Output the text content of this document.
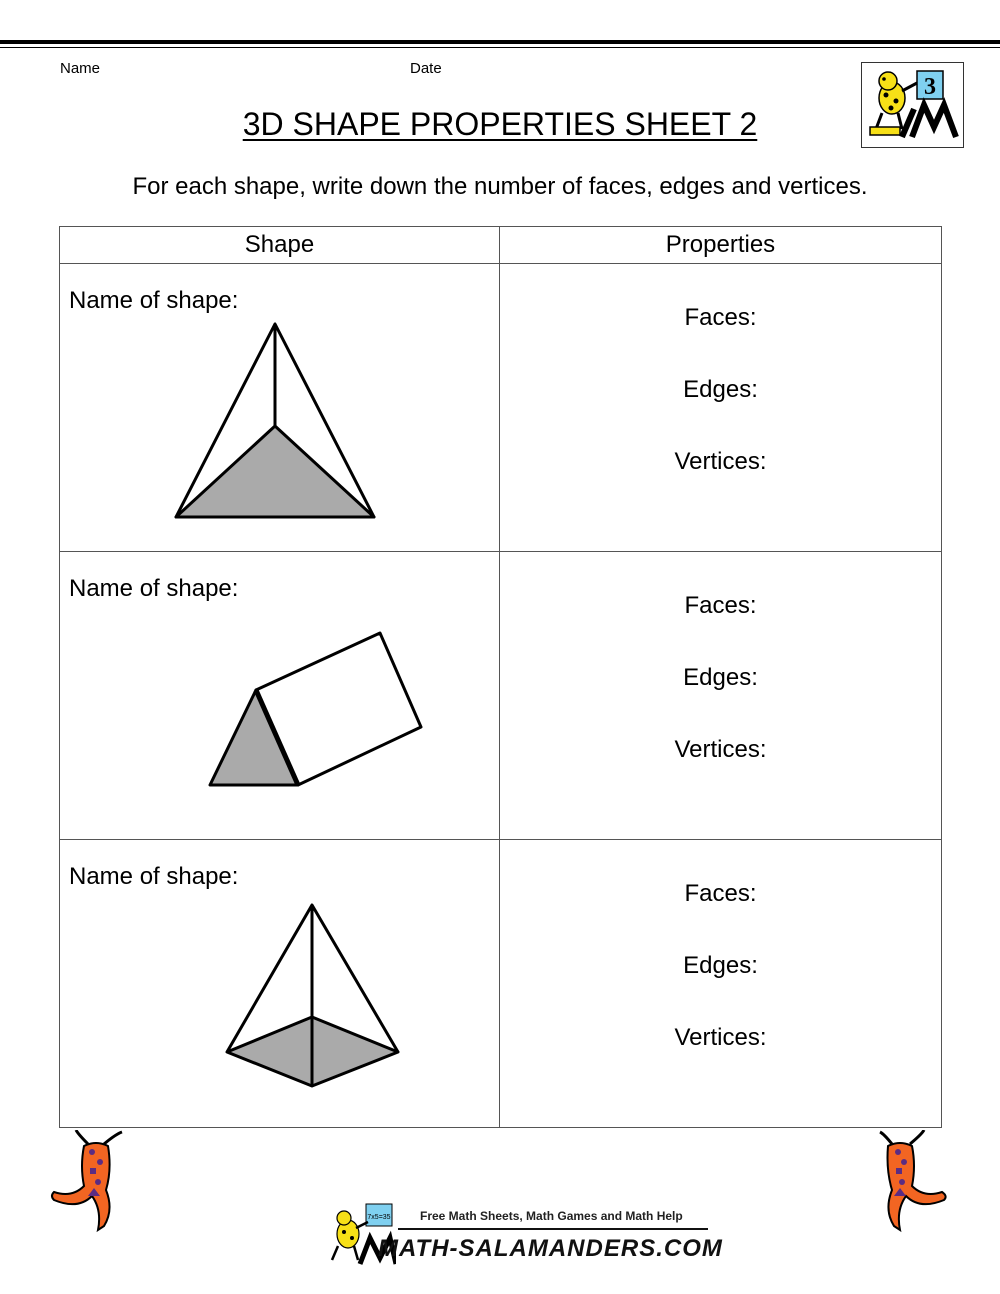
Name	Date
3
3D SHAPE PROPERTIES SHEET 2
For each shape, write down the number of faces, edges and vertices.
Shape	Properties

Name of shape:	Faces:
Edges:
Vertices:

Name of shape:	Faces:
Edges:
Vertices:

Name of shape:	Faces:
Edges:
Vertices:
7x5=35 Free Math Sheets, Math Games and Math Help
MATH-SALAMANDERS.COM
